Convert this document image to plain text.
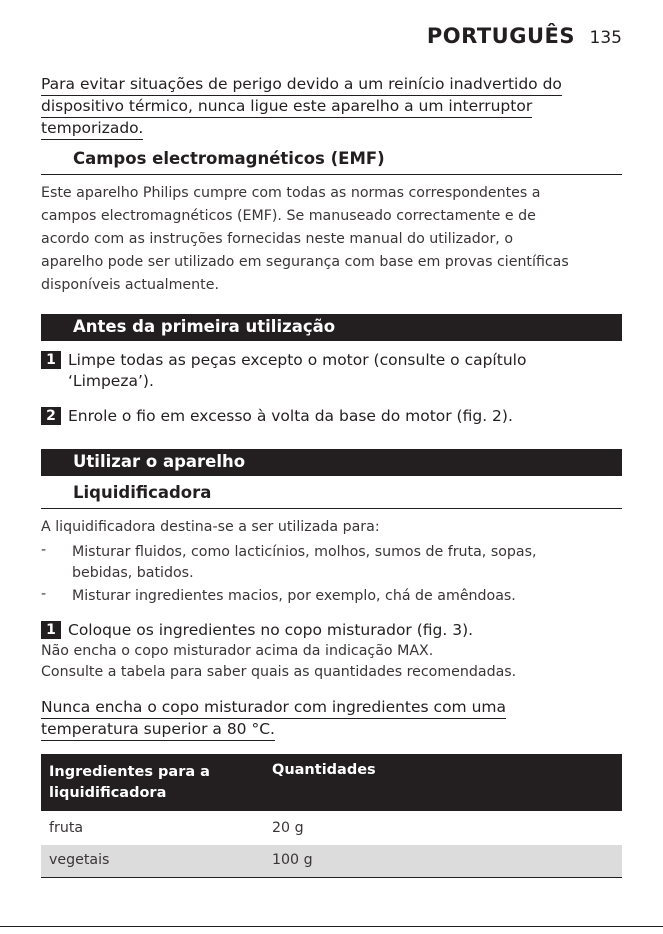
PORTUGUÊS 135
Para evitar situações de perigo devido a um reinício inadvertido do
dispositivo térmico, nunca ligue este aparelho a um interruptor
temporizado.
Campos electromagnéticos (EMF)
Este aparelho Philips cumpre com todas as normas correspondentes a
campos electromagnéticos (EMF). Se manuseado correctamente e de
acordo com as instruções fornecidas neste manual do utilizador, o
aparelho pode ser utilizado em segurança com base em provas científicas
disponíveis actualmente.
Antes da primeira utilização
1 Limpe todas as peças excepto o motor (consulte o capítulo
‘Limpeza’).
2 Enrole o fio em excesso à volta da base do motor (fig. 2).
Utilizar o aparelho
Liquidificadora
A liquidificadora destina-se a ser utilizada para:
- Misturar fluidos, como lacticínios, molhos, sumos de fruta, sopas,
bebidas, batidos.
- Misturar ingredientes macios, por exemplo, chá de amêndoas.
1 Coloque os ingredientes no copo misturador (fig. 3).
Não encha o copo misturador acima da indicação MAX.
Consulte a tabela para saber quais as quantidades recomendadas.
Nunca encha o copo misturador com ingredientes com uma
temperatura superior a 80 °C.
Ingredientes para a
liquidificadora
Quantidades
fruta	20 g
vegetais	100 g
